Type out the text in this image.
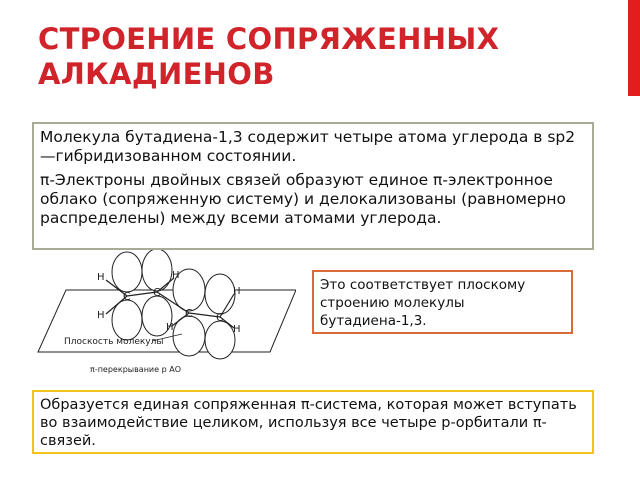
СТРОЕНИЕ СОПРЯЖЕННЫХ АЛКАДИЕНОВ

Молекула бутадиена-1,3 содержит четыре атома углерода в sp2—гибридизованном состоянии.

π-Электроны двойных связей образуют единое π-электронное облако (сопряженную систему) и делокализованы (равномерно распределены) между всеми атомами углерода.

C C
C C
H
H
H
H
H
H
Плоскость молекулы
π-перекрывание р АО
Это соответствует плоскому строению молекулы бутадиена-1,3.
Образуется единая сопряженная π-система, которая может вступать во взаимодействие целиком, используя все четыре p-орбитали π-связей.
